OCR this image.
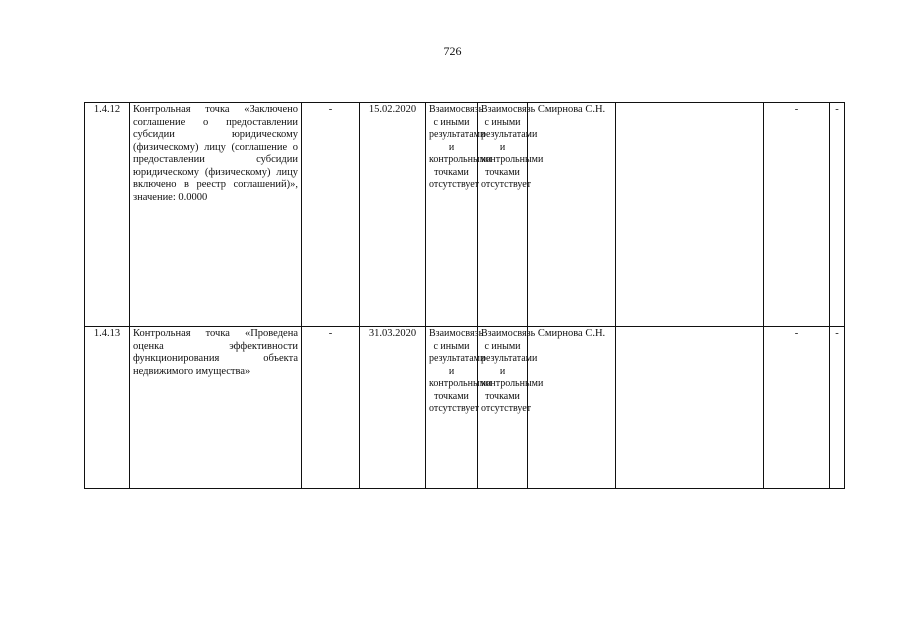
726
1.4.12	Контрольная точка «Заключено соглашение о предоставлении субсидии юридическому (физическому) лицу (соглашение о предоставлении субсидии юридическому (физическому) лицу включено в реестр соглашений)», значение: 0.0000	-	15.02.2020	Взаимосвязь с иными результатами и контрольными точками отсутствует	Взаимосвязь с иными результатами и контрольными точками отсутствует	Смирнова С.Н.		-	-
1.4.13	Контрольная точка «Проведена оценка эффективности функционирования объекта недвижимого имущества»	-	31.03.2020	Взаимосвязь с иными результатами и контрольными точками отсутствует	Взаимосвязь с иными результатами и контрольными точками отсутствует	Смирнова С.Н.		-	-
